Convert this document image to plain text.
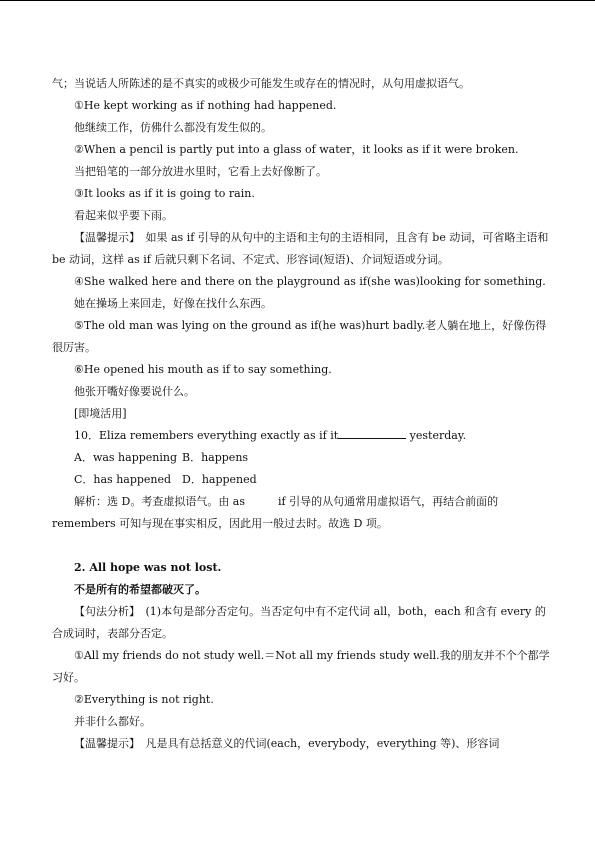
气；当说话人所陈述的是不真实的或极少可能发生或存在的情况时，从句用虚拟语气。

①He kept working as if nothing had happened.

他继续工作，仿佛什么都没有发生似的。

②When a pencil is partly put into a glass of water，it looks as if it were broken.

当把铅笔的一部分放进水里时，它看上去好像断了。

③It looks as if it is going to rain.

看起来似乎要下雨。

【温馨提示】　如果 as if 引导的从句中的主语和主句的主语相同，且含有 be 动词，可省略主语和 be 动词，这样 as if 后就只剩下名词、不定式、形容词(短语)、介词短语或分词。

④She walked here and there on the playground as if(she was)looking for something.

她在操场上来回走，好像在找什么东西。

⑤The old man was lying on the ground as if(he was)hurt badly.老人躺在地上，好像伤得很厉害。

⑥He opened his mouth as if to say something.

他张开嘴好像要说什么。

[即境活用]

10．Eliza remembers everything exactly as if it	yesterday.

A．was happening B．happens

C．has happened D．happened

解析：选 D。考查虚拟语气。由 as　　　if 引导的从句通常用虚拟语气，再结合前面的 remembers 可知与现在事实相反，因此用一般过去时。故选 D 项。

2. All hope was not lost.

不是所有的希望都破灭了。

【句法分析】　(1)本句是部分否定句。当否定句中有不定代词 all，both，each 和含有 every 的合成词时，表部分否定。

①All my friends do not study well.＝Not all my friends study well.我的朋友并不个个都学习好。

②Everything is not right.

并非什么都好。

【温馨提示】　凡是具有总括意义的代词(each，everybody，everything 等)、形容词
